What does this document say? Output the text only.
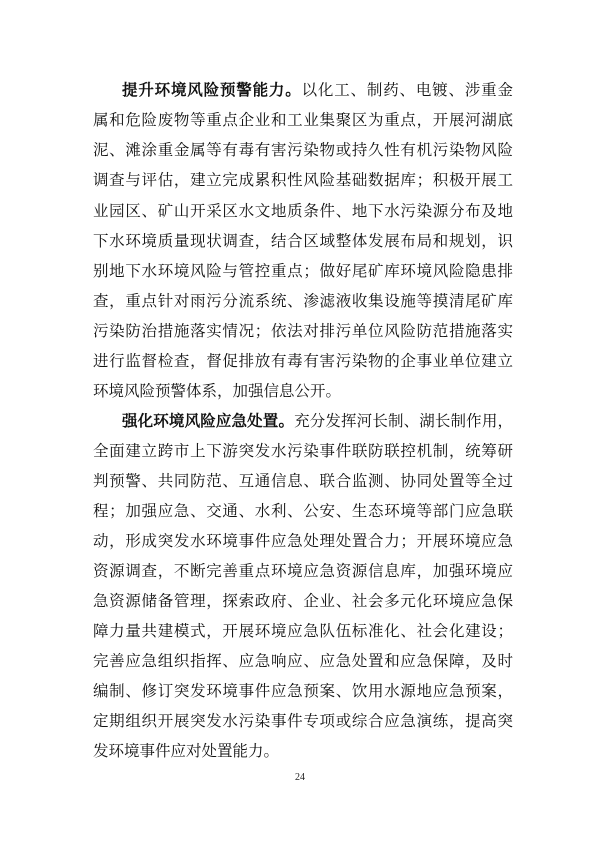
提升环境风险预警能力。以化工、制药、电镀、涉重金
属和危险废物等重点企业和工业集聚区为重点，开展河湖底
泥、滩涂重金属等有毒有害污染物或持久性有机污染物风险
调查与评估，建立完成累积性风险基础数据库；积极开展工
业园区、矿山开采区水文地质条件、地下水污染源分布及地
下水环境质量现状调查，结合区域整体发展布局和规划，识
别地下水环境风险与管控重点；做好尾矿库环境风险隐患排
查，重点针对雨污分流系统、渗滤液收集设施等摸清尾矿库
污染防治措施落实情况；依法对排污单位风险防范措施落实
进行监督检查，督促排放有毒有害污染物的企事业单位建立
环境风险预警体系，加强信息公开。
强化环境风险应急处置。充分发挥河长制、湖长制作用，
全面建立跨市上下游突发水污染事件联防联控机制，统筹研
判预警、共同防范、互通信息、联合监测、协同处置等全过
程；加强应急、交通、水利、公安、生态环境等部门应急联
动，形成突发水环境事件应急处理处置合力；开展环境应急
资源调查，不断完善重点环境应急资源信息库，加强环境应
急资源储备管理，探索政府、企业、社会多元化环境应急保
障力量共建模式，开展环境应急队伍标准化、社会化建设；
完善应急组织指挥、应急响应、应急处置和应急保障，及时
编制、修订突发环境事件应急预案、饮用水源地应急预案，
定期组织开展突发水污染事件专项或综合应急演练，提高突
发环境事件应对处置能力。
24
